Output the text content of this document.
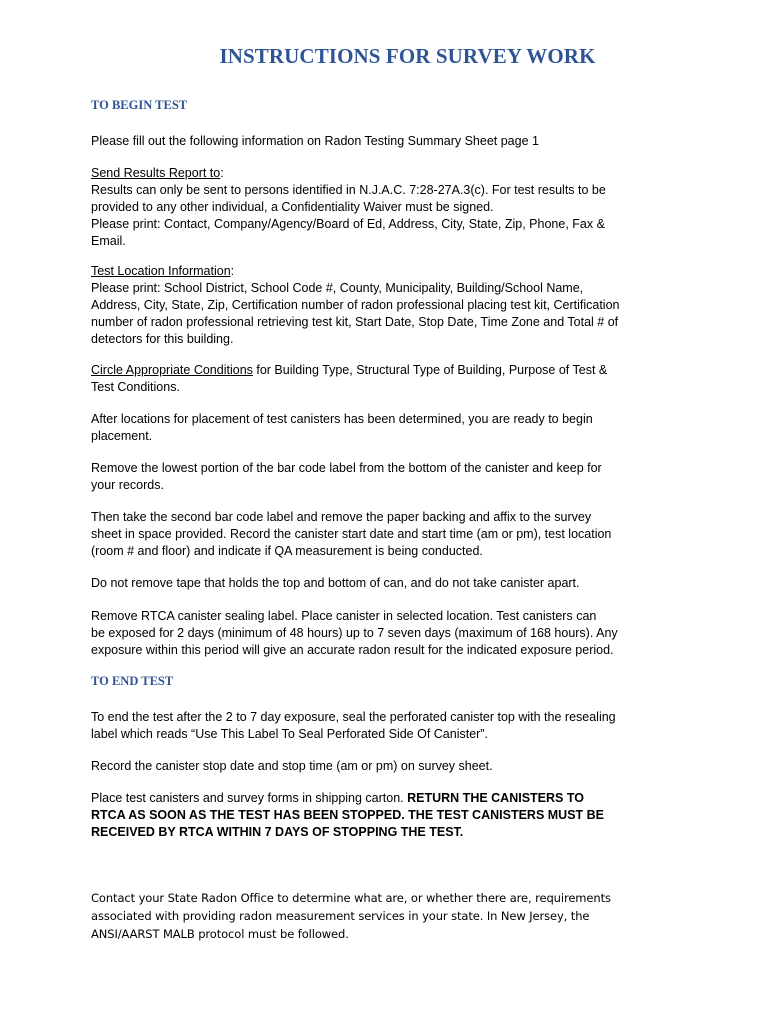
INSTRUCTIONS FOR SURVEY WORK
TO BEGIN TEST

Please fill out the following information on Radon Testing Summary Sheet page 1

Send Results Report to:
Results can only be sent to persons identified in N.J.A.C. 7:28-27A.3(c). For test results to be
provided to any other individual, a Confidentiality Waiver must be signed.
Please print: Contact, Company/Agency/Board of Ed, Address, City, State, Zip, Phone, Fax &
Email.

Test Location Information:
Please print: School District, School Code #, County, Municipality, Building/School Name,
Address, City, State, Zip, Certification number of radon professional placing test kit, Certification
number of radon professional retrieving test kit, Start Date, Stop Date, Time Zone and Total # of
detectors for this building.

Circle Appropriate Conditions for Building Type, Structural Type of Building, Purpose of Test &
Test Conditions.

After locations for placement of test canisters has been determined, you are ready to begin
placement.

Remove the lowest portion of the bar code label from the bottom of the canister and keep for
your records.

Then take the second bar code label and remove the paper backing and affix to the survey
sheet in space provided. Record the canister start date and start time (am or pm), test location
(room # and floor) and indicate if QA measurement is being conducted.

Do not remove tape that holds the top and bottom of can, and do not take canister apart.

Remove RTCA canister sealing label. Place canister in selected location. Test canisters can
be exposed for 2 days (minimum of 48 hours) up to 7 seven days (maximum of 168 hours). Any
exposure within this period will give an accurate radon result for the indicated exposure period.

TO END TEST

To end the test after the 2 to 7 day exposure, seal the perforated canister top with the resealing
label which reads “Use This Label To Seal Perforated Side Of Canister”.

Record the canister stop date and stop time (am or pm) on survey sheet.

Place test canisters and survey forms in shipping carton. RETURN THE CANISTERS TO
RTCA AS SOON AS THE TEST HAS BEEN STOPPED. THE TEST CANISTERS MUST BE
RECEIVED BY RTCA WITHIN 7 DAYS OF STOPPING THE TEST.

Contact your State Radon Office to determine what are, or whether there are, requirements
associated with providing radon measurement services in your state. In New Jersey, the
ANSI/AARST MALB protocol must be followed.
